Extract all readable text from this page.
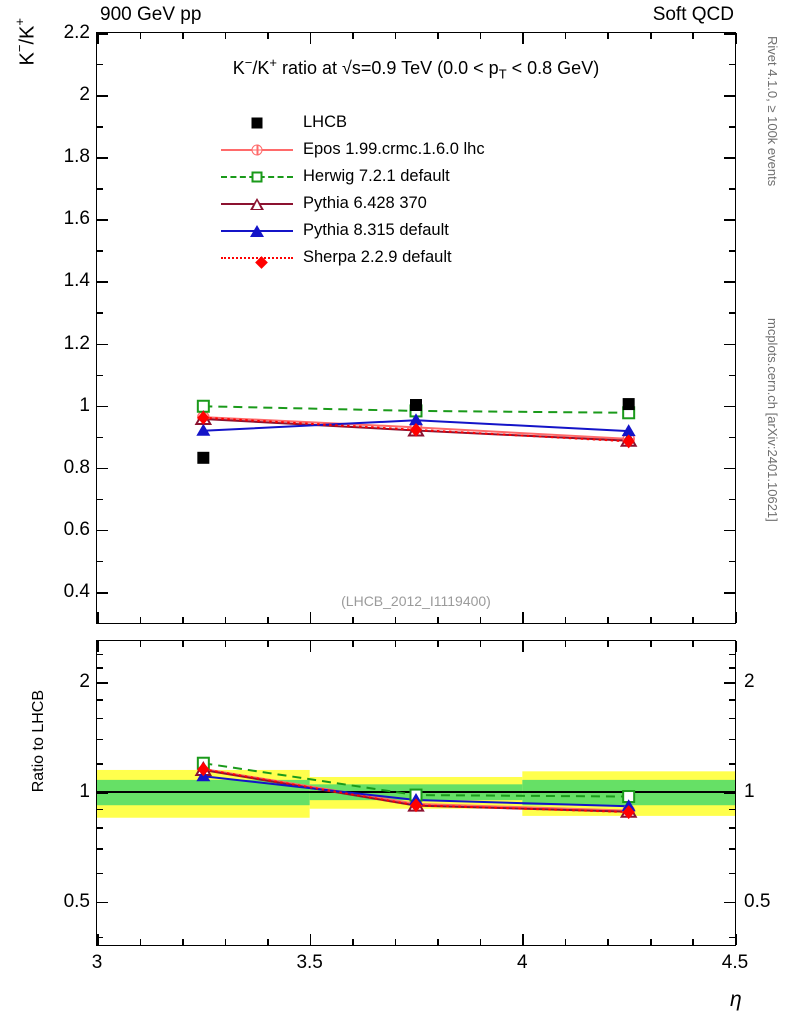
900 GeV pp	Soft QCD
K−/K+
Ratio to LHCB
η
Rivet 4.1.0, ≥ 100k events
mcplots.cern.ch [arXiv:2401.10621]
K−/K+ ratio at √s=0.9 TeV ($0.0 < p_T < 0.8$ GeV)
(LHCB_2012_I1119400)
LHCB
Epos 1.99.crmc.1.6.0 lhc
Herwig 7.2.1 default
Pythia 6.428 370
Pythia 8.315 default
Sherpa 2.2.9 default
2.2
2
1.8
1.6
1.4
1.2
1
0.8
0.6
0.4
2	2
1	1
0.5	0.5
3	3.5	4	4.5
